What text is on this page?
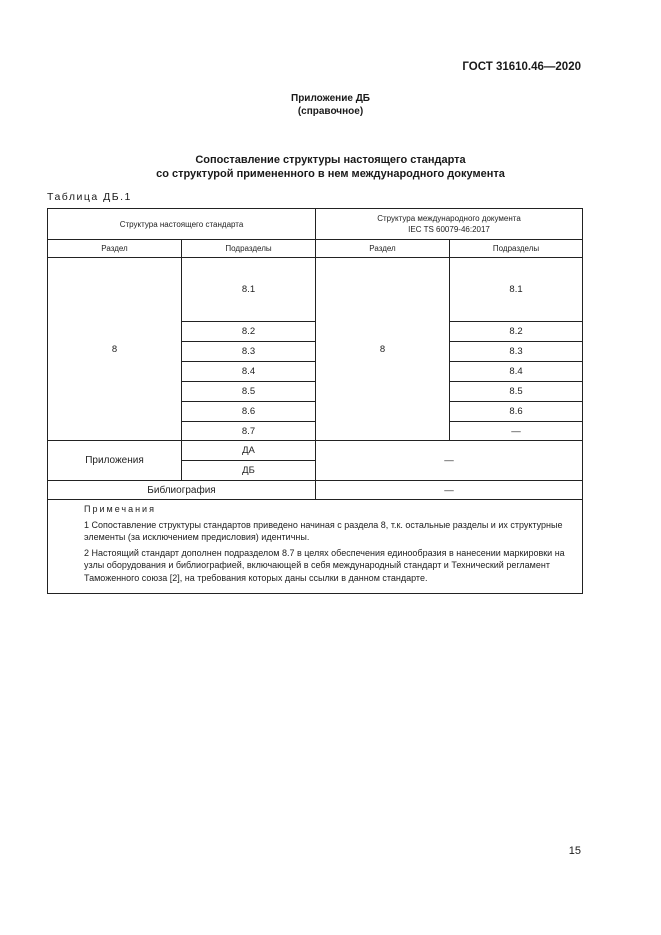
ГОСТ 31610.46—2020
Приложение ДБ
(справочное)
Сопоставление структуры настоящего стандарта
со структурой примененного в нем международного документа
Таблица ДБ.1
Структура настоящего стандарта		Структура международного документа
IEC TS 60079-46:2017	

Раздел	Подразделы	Раздел	Подразделы
8	8.1	8	8.1
	8.2		8.2
	8.3		8.3
	8.4		8.4
	8.5		8.5
	8.6		8.6
	8.7		—
Приложения	ДА	—	
	ДБ		
Библиография		—	

Примечания

1 Сопоставление структуры стандартов приведено начиная с раздела 8, т.к. остальные разделы и их структурные элементы (за исключением предисловия) идентичны.

2 Настоящий стандарт дополнен подразделом 8.7 в целях обеспечения единообразия в нанесении маркировки на узлы оборудования и библиографией, включающей в себя международный стандарт и Технический регламент Таможенного союза [2], на требования которых даны ссылки в данном стандарте.			

15
